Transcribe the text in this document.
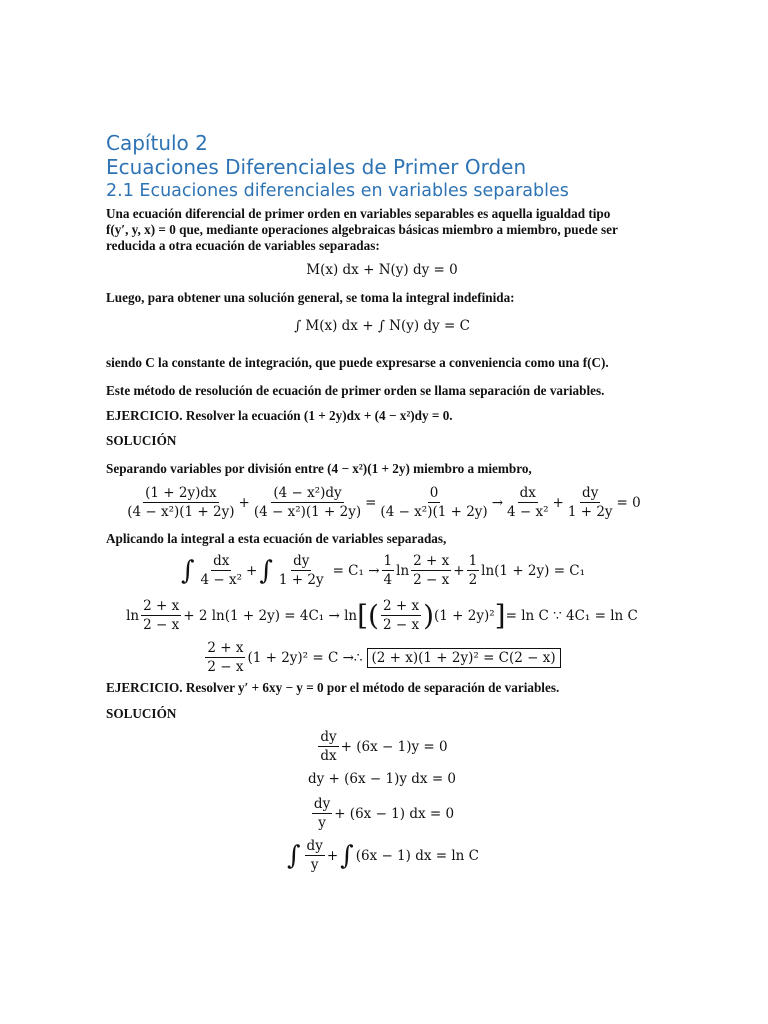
Capítulo 2
Ecuaciones Diferenciales de Primer Orden
2.1 Ecuaciones diferenciales en variables separables
Una ecuación diferencial de primer orden en variables separables es aquella igualdad tipo
f(y′, y, x) = 0 que, mediante operaciones algebraicas básicas miembro a miembro, puede ser
reducida a otra ecuación de variables separadas:
M(x) dx + N(y) dy = 0
Luego, para obtener una solución general, se toma la integral indefinida:
∫ M(x) dx + ∫ N(y) dy = C
siendo C la constante de integración, que puede expresarse a conveniencia como una f(C).
Este método de resolución de ecuación de primer orden se llama separación de variables.
EJERCICIO. Resolver la ecuación (1 + 2y)dx + (4 − x²)dy = 0.
SOLUCIÓN
Separando variables por división entre (4 − x²)(1 + 2y) miembro a miembro,
$\frac{(1 + 2y)dx}{\text{(4 − x²)(1 + 2y)}} + \frac{\text{(4 − x²)dy}}{\text{(4 − x²)(1 + 2y)}} = \frac{0}{\text{(4 − x²)(1 + 2y)}} \to \frac{dx}{\text{4 − x²}} + \frac{dy}{1 + 2y} = 0$
Aplicando la integral a esta ecuación de variables separadas,
∫ $\frac{dx}{\text{4 − x²}}$ + ∫ $\frac{dy}{1 + 2y} = C_1 \to \frac{1}{4}$ $\ln \frac{2 + x}{2 - x} + \frac{1}{2} \ln(1 + 2y) = C_1$
$\ln \frac{2 + x}{2 - x} + 2$ ln(1 + 2y) = 4C₁ → ln [ ( $\frac{2 + x}{2 - x}$ ) (1 + 2y)² ] = ln C ∵ 4C₁ = ln C
$\frac{2 + x}{2 - x} (1 + 2y)^2 = C$ →∴ (2 + x)(1 + 2y)² = C(2 − x)
EJERCICIO. Resolver y′ + 6xy − y = 0 por el método de separación de variables.
SOLUCIÓN
$\frac{dy}{dx} + (6x - 1)y = 0$
dy + (6x − 1)y dx = 0
$\frac{dy}{y} + (6x - 1)$ dx = 0
∫ $\frac{dy}{y}$ + ∫ (6x − 1) dx = ln C
